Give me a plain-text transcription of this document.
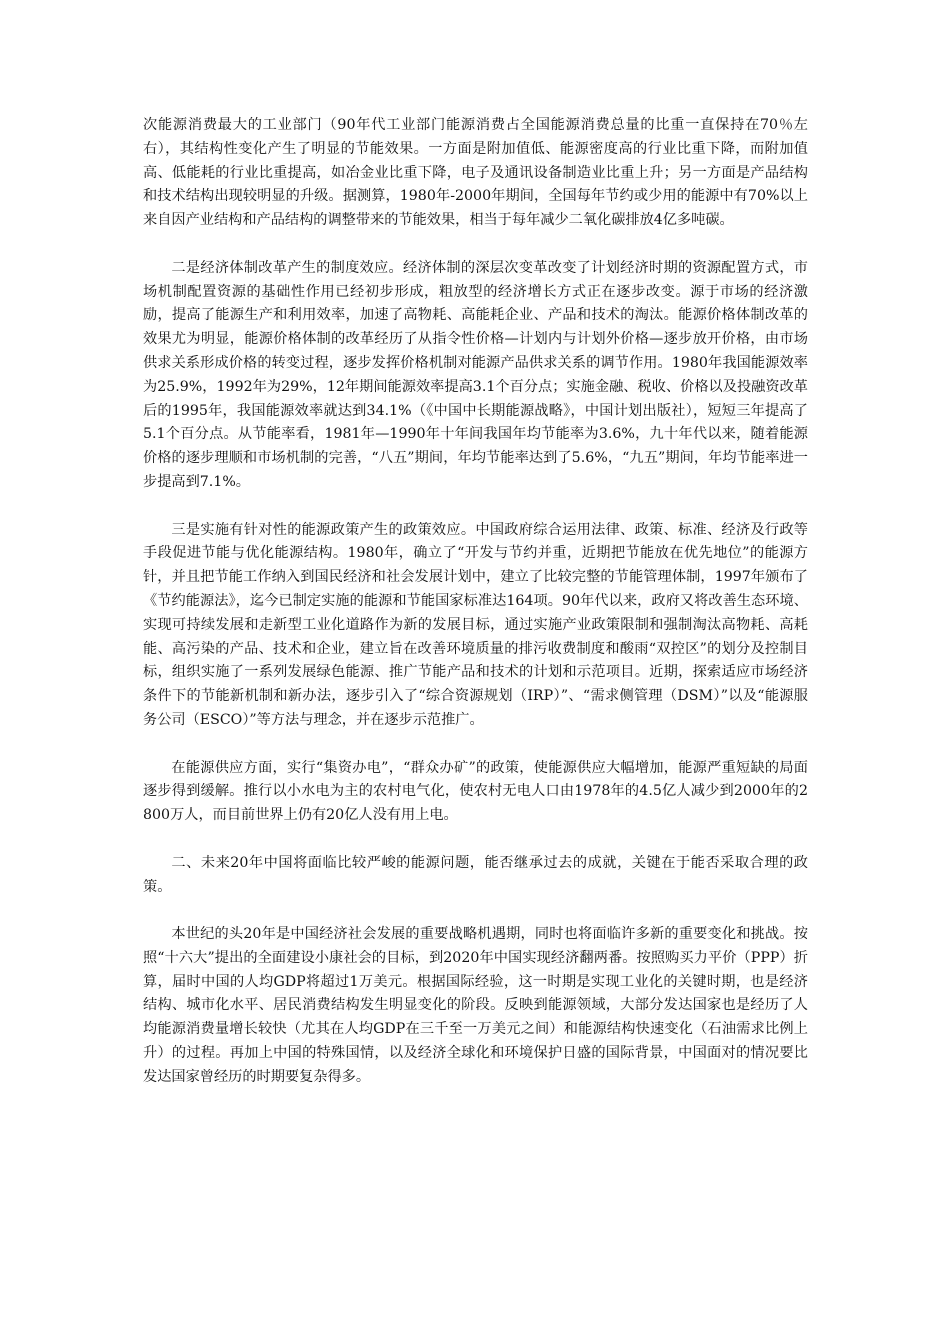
次能源消费最大的工业部门（90年代工业部门能源消费占全国能源消费总量的比重一直保持在70％左右），其结构性变化产生了明显的节能效果。一方面是附加值低、能源密度高的行业比重下降，而附加值高、低能耗的行业比重提高，如冶金业比重下降，电子及通讯设备制造业比重上升；另一方面是产品结构和技术结构出现较明显的升级。据测算，1980年-2000年期间，全国每年节约或少用的能源中有70%以上来自因产业结构和产品结构的调整带来的节能效果，相当于每年减少二氧化碳排放4亿多吨碳。

二是经济体制改革产生的制度效应。经济体制的深层次变革改变了计划经济时期的资源配置方式，市场机制配置资源的基础性作用已经初步形成，粗放型的经济增长方式正在逐步改变。源于市场的经济激励，提高了能源生产和利用效率，加速了高物耗、高能耗企业、产品和技术的淘汰。能源价格体制改革的效果尤为明显，能源价格体制的改革经历了从指令性价格—计划内与计划外价格—逐步放开价格，由市场供求关系形成价格的转变过程，逐步发挥价格机制对能源产品供求关系的调节作用。1980年我国能源效率为25.9%，1992年为29%，12年期间能源效率提高3.1个百分点；实施金融、税收、价格以及投融资改革后的1995年，我国能源效率就达到34.1%（《中国中长期能源战略》，中国计划出版社），短短三年提高了5.1个百分点。从节能率看，1981年—1990年十年间我国年均节能率为3.6%，九十年代以来，随着能源价格的逐步理顺和市场机制的完善，“八五”期间，年均节能率达到了5.6%，“九五”期间，年均节能率进一步提高到7.1%。

三是实施有针对性的能源政策产生的政策效应。中国政府综合运用法律、政策、标准、经济及行政等手段促进节能与优化能源结构。1980年，确立了“开发与节约并重，近期把节能放在优先地位”的能源方针，并且把节能工作纳入到国民经济和社会发展计划中，建立了比较完整的节能管理体制，1997年颁布了《节约能源法》，迄今已制定实施的能源和节能国家标准达164项。90年代以来，政府又将改善生态环境、实现可持续发展和走新型工业化道路作为新的发展目标，通过实施产业政策限制和强制淘汰高物耗、高耗能、高污染的产品、技术和企业，建立旨在改善环境质量的排污收费制度和酸雨“双控区”的划分及控制目标，组织实施了一系列发展绿色能源、推广节能产品和技术的计划和示范项目。近期，探索适应市场经济条件下的节能新机制和新办法，逐步引入了“综合资源规划（IRP）”、“需求侧管理（DSM）”以及“能源服务公司（ESCO）”等方法与理念，并在逐步示范推广。

在能源供应方面，实行“集资办电”，“群众办矿”的政策，使能源供应大幅增加，能源严重短缺的局面逐步得到缓解。推行以小水电为主的农村电气化，使农村无电人口由1978年的4.5亿人减少到2000年的2800万人，而目前世界上仍有20亿人没有用上电。

二、未来20年中国将面临比较严峻的能源问题，能否继承过去的成就，关键在于能否采取合理的政策。

本世纪的头20年是中国经济社会发展的重要战略机遇期，同时也将面临许多新的重要变化和挑战。按照“十六大”提出的全面建设小康社会的目标，到2020年中国实现经济翻两番。按照购买力平价（PPP）折算，届时中国的人均GDP将超过1万美元。根据国际经验，这一时期是实现工业化的关键时期，也是经济结构、城市化水平、居民消费结构发生明显变化的阶段。反映到能源领域，大部分发达国家也是经历了人均能源消费量增长较快（尤其在人均GDP在三千至一万美元之间）和能源结构快速变化（石油需求比例上升）的过程。再加上中国的特殊国情，以及经济全球化和环境保护日盛的国际背景，中国面对的情况要比发达国家曾经历的时期要复杂得多。
